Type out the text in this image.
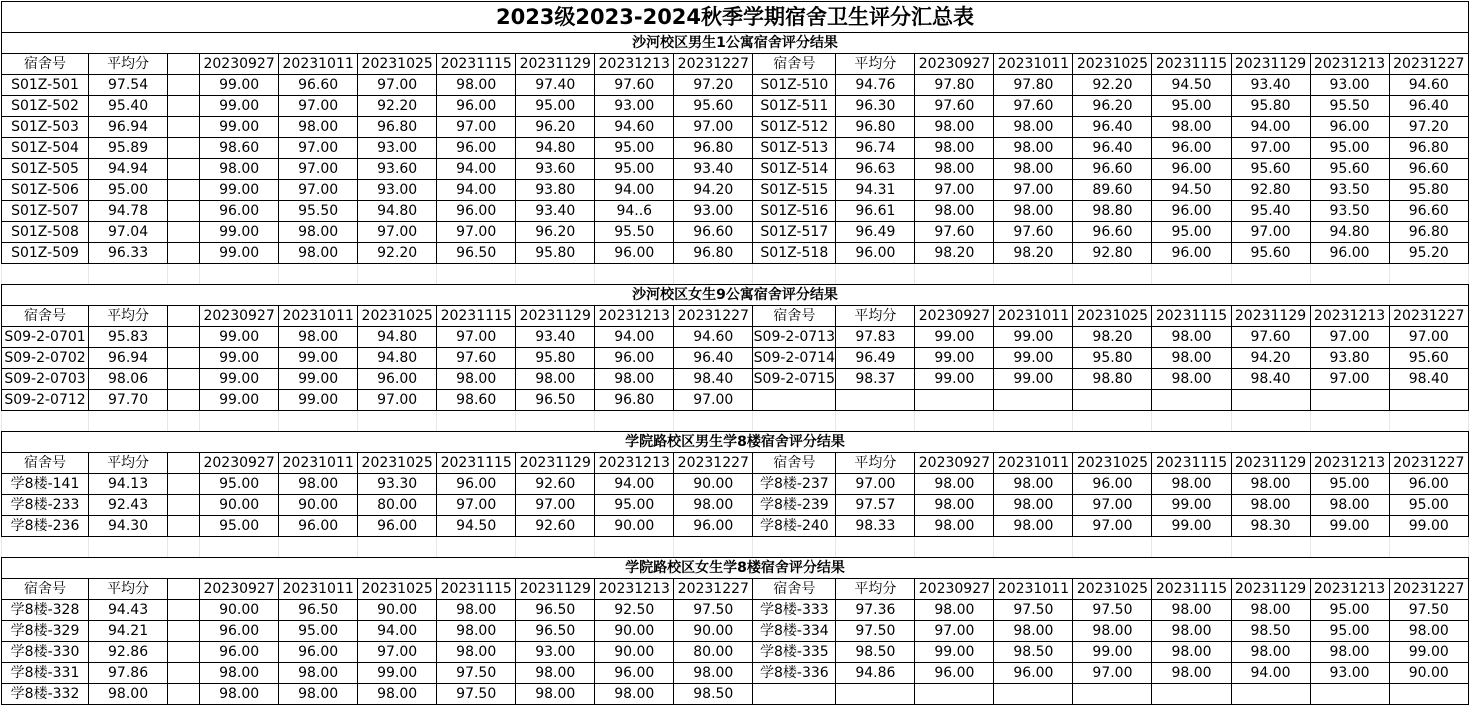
2023级2023-2024秋季学期宿舍卫生评分汇总表																		
沙河校区男生1公寓宿舍评分结果																		
宿舍号	平均分		20230927	20231011	20231025	20231115	20231129	20231213	20231227	宿舍号	平均分	20230927	20231011	20231025	20231115	20231129	20231213	20231227
S01Z-501	97.54		99.00	96.60	97.00	98.00	97.40	97.60	97.20	S01Z-510	94.76	97.80	97.80	92.20	94.50	93.40	93.00	94.60
S01Z-502	95.40		99.00	97.00	92.20	96.00	95.00	93.00	95.60	S01Z-511	96.30	97.60	97.60	96.20	95.00	95.80	95.50	96.40
S01Z-503	96.94		99.00	98.00	96.80	97.00	96.20	94.60	97.00	S01Z-512	96.80	98.00	98.00	96.40	98.00	94.00	96.00	97.20
S01Z-504	95.89		98.60	97.00	93.00	96.00	94.80	95.00	96.80	S01Z-513	96.74	98.00	98.00	96.40	96.00	97.00	95.00	96.80
S01Z-505	94.94		98.00	97.00	93.60	94.00	93.60	95.00	93.40	S01Z-514	96.63	98.00	98.00	96.60	96.00	95.60	95.60	96.60
S01Z-506	95.00		99.00	97.00	93.00	94.00	93.80	94.00	94.20	S01Z-515	94.31	97.00	97.00	89.60	94.50	92.80	93.50	95.80
S01Z-507	94.78		96.00	95.50	94.80	96.00	93.40	94..6	93.00	S01Z-516	96.61	98.00	98.00	98.80	96.00	95.40	93.50	96.60
S01Z-508	97.04		99.00	98.00	97.00	97.00	96.20	95.50	96.60	S01Z-517	96.49	97.60	97.60	96.60	95.00	97.00	94.80	96.80
S01Z-509	96.33		99.00	98.00	92.20	96.50	95.80	96.00	96.80	S01Z-518	96.00	98.20	98.20	92.80	96.00	95.60	96.00	95.20

沙河校区女生9公寓宿舍评分结果																		
宿舍号	平均分		20230927	20231011	20231025	20231115	20231129	20231213	20231227	宿舍号	平均分	20230927	20231011	20231025	20231115	20231129	20231213	20231227
S09-2-0701	95.83		99.00	98.00	94.80	97.00	93.40	94.00	94.60	S09-2-0713	97.83	99.00	99.00	98.20	98.00	97.60	97.00	97.00
S09-2-0702	96.94		99.00	99.00	94.80	97.60	95.80	96.00	96.40	S09-2-0714	96.49	99.00	99.00	95.80	98.00	94.20	93.80	95.60
S09-2-0703	98.06		99.00	99.00	96.00	98.00	98.00	98.00	98.40	S09-2-0715	98.37	99.00	99.00	98.80	98.00	98.40	97.00	98.40
S09-2-0712	97.70		99.00	99.00	97.00	98.60	96.50	96.80	97.00									

学院路校区男生学8楼宿舍评分结果																		
宿舍号	平均分		20230927	20231011	20231025	20231115	20231129	20231213	20231227	宿舍号	平均分	20230927	20231011	20231025	20231115	20231129	20231213	20231227
学8楼-141	94.13		95.00	98.00	93.30	96.00	92.60	94.00	90.00	学8楼-237	97.00	98.00	98.00	96.00	98.00	98.00	95.00	96.00
学8楼-233	92.43		90.00	90.00	80.00	97.00	97.00	95.00	98.00	学8楼-239	97.57	98.00	98.00	97.00	99.00	98.00	98.00	95.00
学8楼-236	94.30		95.00	96.00	96.00	94.50	92.60	90.00	96.00	学8楼-240	98.33	98.00	98.00	97.00	99.00	98.30	99.00	99.00

学院路校区女生学8楼宿舍评分结果																		
宿舍号	平均分		20230927	20231011	20231025	20231115	20231129	20231213	20231227	宿舍号	平均分	20230927	20231011	20231025	20231115	20231129	20231213	20231227
学8楼-328	94.43		90.00	96.50	90.00	98.00	96.50	92.50	97.50	学8楼-333	97.36	98.00	97.50	97.50	98.00	98.00	95.00	97.50
学8楼-329	94.21		96.00	95.00	94.00	98.00	96.50	90.00	90.00	学8楼-334	97.50	97.00	98.00	98.00	98.00	98.50	95.00	98.00
学8楼-330	92.86		96.00	96.00	97.00	98.00	93.00	90.00	80.00	学8楼-335	98.50	99.00	98.50	99.00	98.00	98.00	98.00	99.00
学8楼-331	97.86		98.00	98.00	99.00	97.50	98.00	96.00	98.00	学8楼-336	94.86	96.00	96.00	97.00	98.00	94.00	93.00	90.00
学8楼-332	98.00		98.00	98.00	98.00	97.50	98.00	98.00	98.50									
